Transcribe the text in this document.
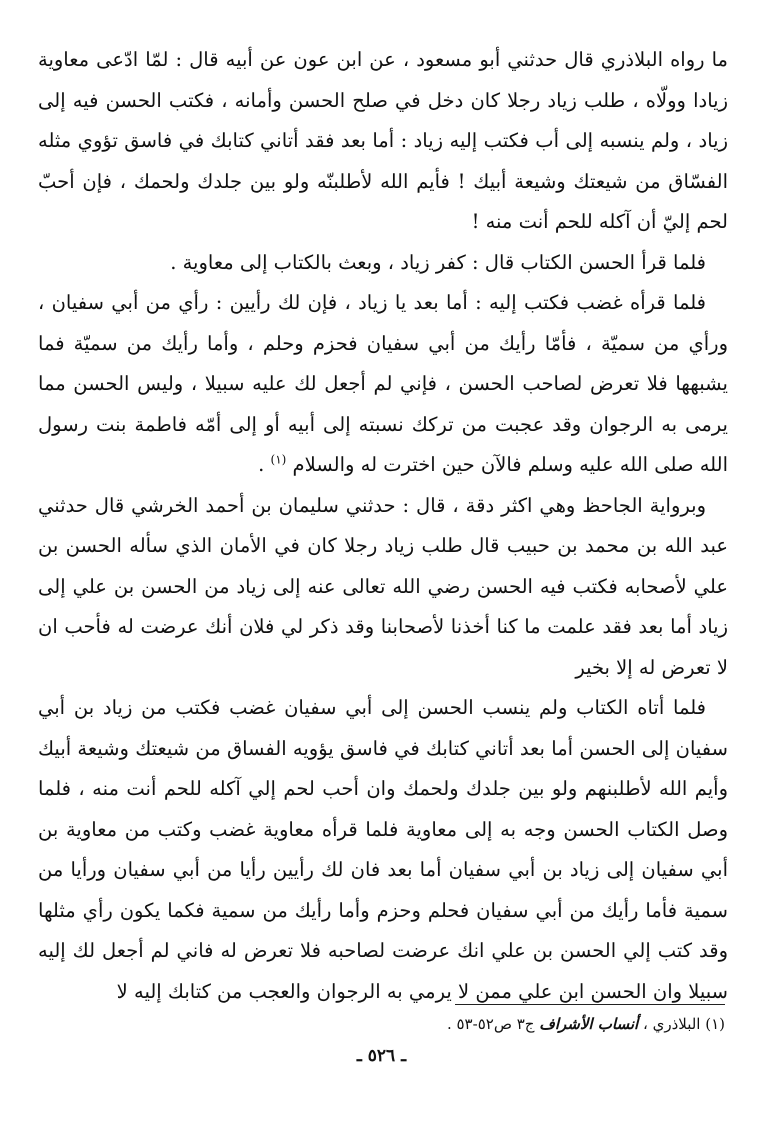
ما رواه البلاذري قال حدثني أبو مسعود ، عن ابن عون عن أبيه قال : لمّا ادّعى معاوية زيادا وولّاه ، طلب زياد رجلا كان دخل في صلح الحسن وأمانه ، فكتب الحسن فيه إلى زياد ، ولم ينسبه إلى أب فكتب إليه زياد : أما بعد فقد أتاني كتابك في فاسق تؤوي مثله الفسّاق من شيعتك وشيعة أبيك ! فأيم الله لأطلبنّه ولو بين جلدك ولحمك ، فإن أحبّ لحم إليّ أن آكله للحم أنت منه !

فلما قرأ الحسن الكتاب قال : كفر زياد ، وبعث بالكتاب إلى معاوية .

فلما قرأه غضب فكتب إليه : أما بعد يا زياد ، فإن لك رأيين : رأي من أبي سفيان ، ورأي من سميّة ، فأمّا رأيك من أبي سفيان فحزم وحلم ، وأما رأيك من سميّة فما يشبهها فلا تعرض لصاحب الحسن ، فإني لم أجعل لك عليه سبيلا ، وليس الحسن مما يرمى به الرجوان وقد عجبت من تركك نسبته إلى أبيه أو إلى أمّه فاطمة بنت رسول الله صلى الله عليه وسلم فالآن حين اخترت له والسلام $^{(١)}$ .

وبرواية الجاحظ وهي اكثر دقة ، قال : حدثني سليمان بن أحمد الخرشي قال حدثني عبد الله بن محمد بن حبيب قال طلب زياد رجلا كان في الأمان الذي سأله الحسن بن علي لأصحابه فكتب فيه الحسن رضي الله تعالى عنه إلى زياد من الحسن بن علي إلى زياد أما بعد فقد علمت ما كنا أخذنا لأصحابنا وقد ذكر لي فلان أنك عرضت له فأحب ان لا تعرض له إلا بخير

فلما أتاه الكتاب ولم ينسب الحسن إلى أبي سفيان غضب فكتب من زياد بن أبي سفيان إلى الحسن أما بعد أتاني كتابك في فاسق يؤويه الفساق من شيعتك وشيعة أبيك وأيم الله لأطلبنهم ولو بين جلدك ولحمك وان أحب لحم إلي آكله للحم أنت منه ، فلما وصل الكتاب الحسن وجه به إلى معاوية فلما قرأه معاوية غضب وكتب من معاوية بن أبي سفيان إلى زياد بن أبي سفيان أما بعد فان لك رأيين رأيا من أبي سفيان ورأيا من سمية فأما رأيك من أبي سفيان فحلم وحزم وأما رأيك من سمية فكما يكون رأي مثلها وقد كتب إلي الحسن بن علي انك عرضت لصاحبه فلا تعرض له فاني لم أجعل لك إليه سبيلا وان الحسن ابن علي ممن لا يرمي به الرجوان والعجب من كتابك إليه لا

(١) البلاذري ، أنساب الأشراف ج٣ ص٥٢-٥٣ .
ـ ٥٢٦ ـ
